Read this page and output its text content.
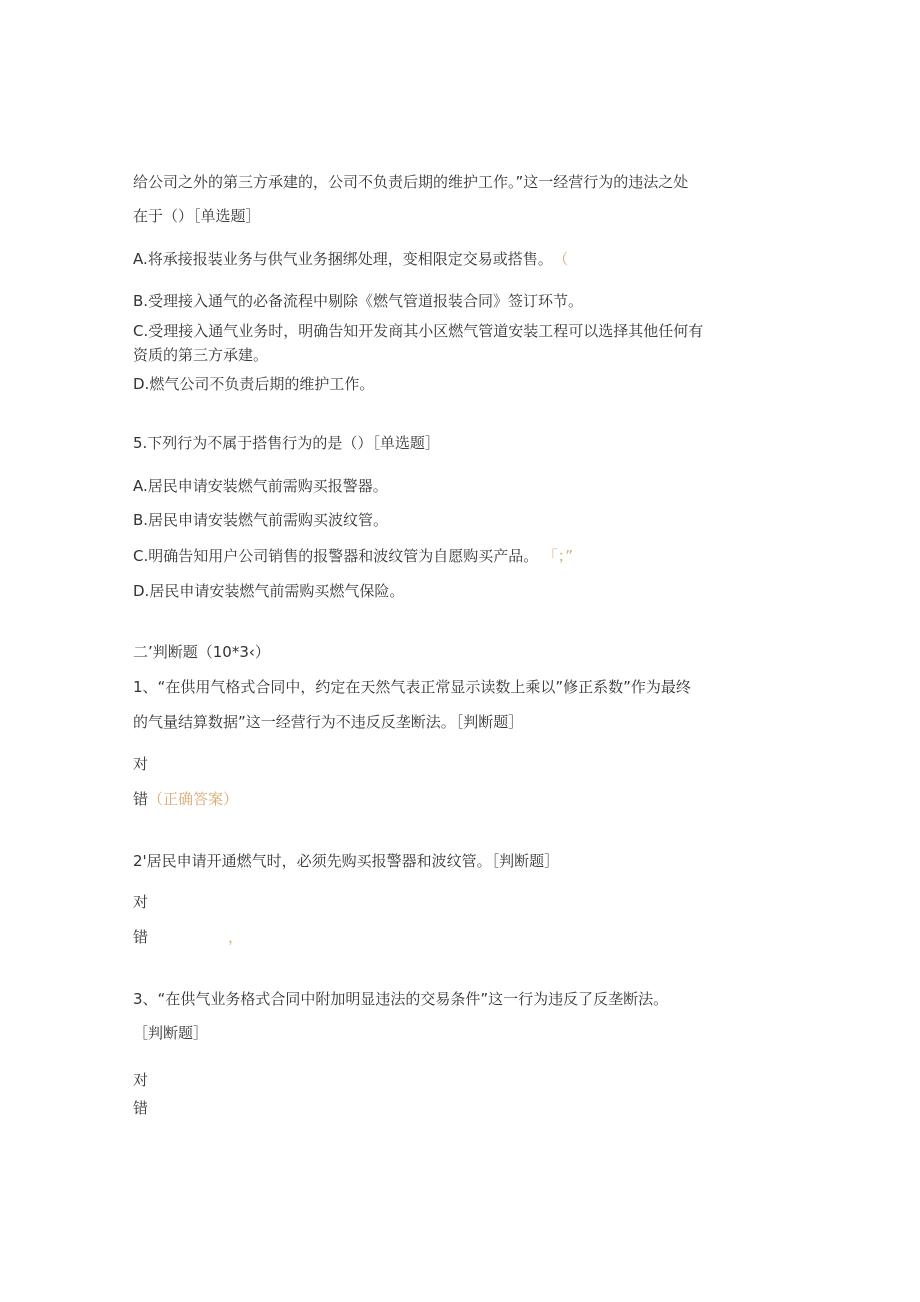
给公司之外的第三方承建的，公司不负责后期的维护工作。”这一经营行为的违法之处
在于（）［单选题］
A.将承接报装业务与供气业务捆绑处理，变相限定交易或搭售。 （
B.受理接入通气的必备流程中剔除《燃气管道报装合同》签订环节。
C.受理接入通气业务时，明确告知开发商其小区燃气管道安装工程可以选择其他任何有
资质的第三方承建。
D.燃气公司不负责后期的维护工作。
5.下列行为不属于搭售行为的是（）［单选题］
A.居民申请安装燃气前需购买报警器。
B.居民申请安装燃气前需购买波纹管。
C.明确告知用户公司销售的报警器和波纹管为自愿购买产品。 「；”
D.居民申请安装燃气前需购买燃气保险。
二’判断题（10*3‹）
1、“在供用气格式合同中，约定在天然气表正常显示读数上乘以”修正系数”作为最终
的气量结算数据”这一经营行为不违反反垄断法。［判断题］
对
错（正确答案）
2'居民申请开通燃气时，必须先购买报警器和波纹管。［判断题］
对
错	，
3、“在供气业务格式合同中附加明显违法的交易条件”这一行为违反了反垄断法。
［判断题］
对
错
